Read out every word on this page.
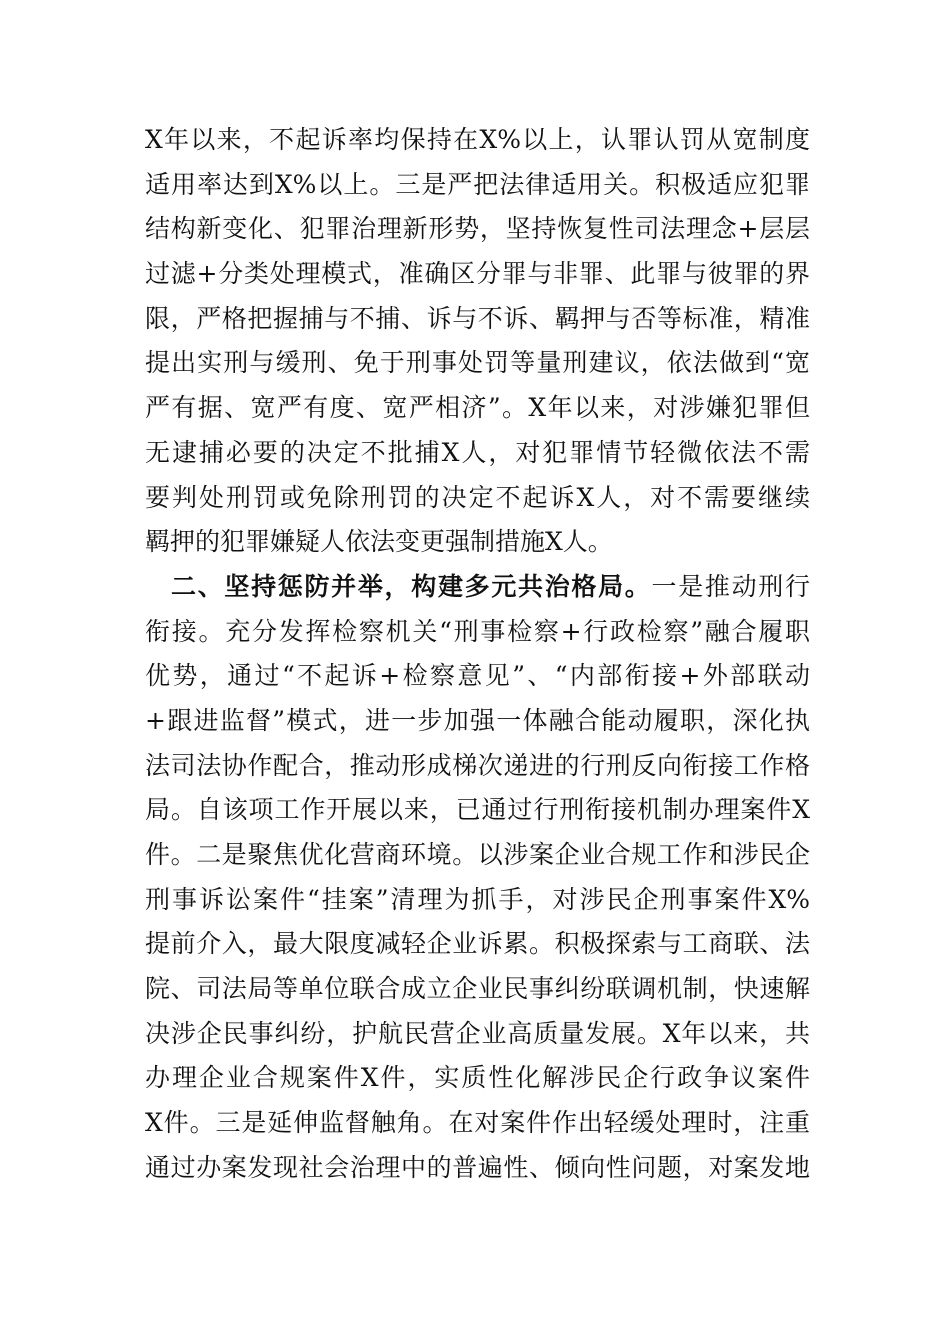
X年以来，不起诉率均保持在X%以上，认罪认罚从宽制度
适用率达到X%以上。三是严把法律适用关。积极适应犯罪
结构新变化、犯罪治理新形势，坚持恢复性司法理念+层层
过滤+分类处理模式，准确区分罪与非罪、此罪与彼罪的界
限，严格把握捕与不捕、诉与不诉、羁押与否等标准，精准
提出实刑与缓刑、免于刑事处罚等量刑建议，依法做到“宽
严有据、宽严有度、宽严相济”。X年以来，对涉嫌犯罪但
无逮捕必要的决定不批捕X人，对犯罪情节轻微依法不需
要判处刑罚或免除刑罚的决定不起诉X人，对不需要继续
羁押的犯罪嫌疑人依法变更强制措施X人。
二、坚持惩防并举，构建多元共治格局。一是推动刑行
衔接。充分发挥检察机关“刑事检察+行政检察”融合履职
优势，通过“不起诉+检察意见”、“内部衔接+外部联动
+跟进监督”模式，进一步加强一体融合能动履职，深化执
法司法协作配合，推动形成梯次递进的行刑反向衔接工作格
局。自该项工作开展以来，已通过行刑衔接机制办理案件X
件。二是聚焦优化营商环境。以涉案企业合规工作和涉民企
刑事诉讼案件“挂案”清理为抓手，对涉民企刑事案件X%
提前介入，最大限度减轻企业诉累。积极探索与工商联、法
院、司法局等单位联合成立企业民事纠纷联调机制，快速解
决涉企民事纠纷，护航民营企业高质量发展。X年以来，共
办理企业合规案件X件，实质性化解涉民企行政争议案件
X件。三是延伸监督触角。在对案件作出轻缓处理时，注重
通过办案发现社会治理中的普遍性、倾向性问题，对案发地
